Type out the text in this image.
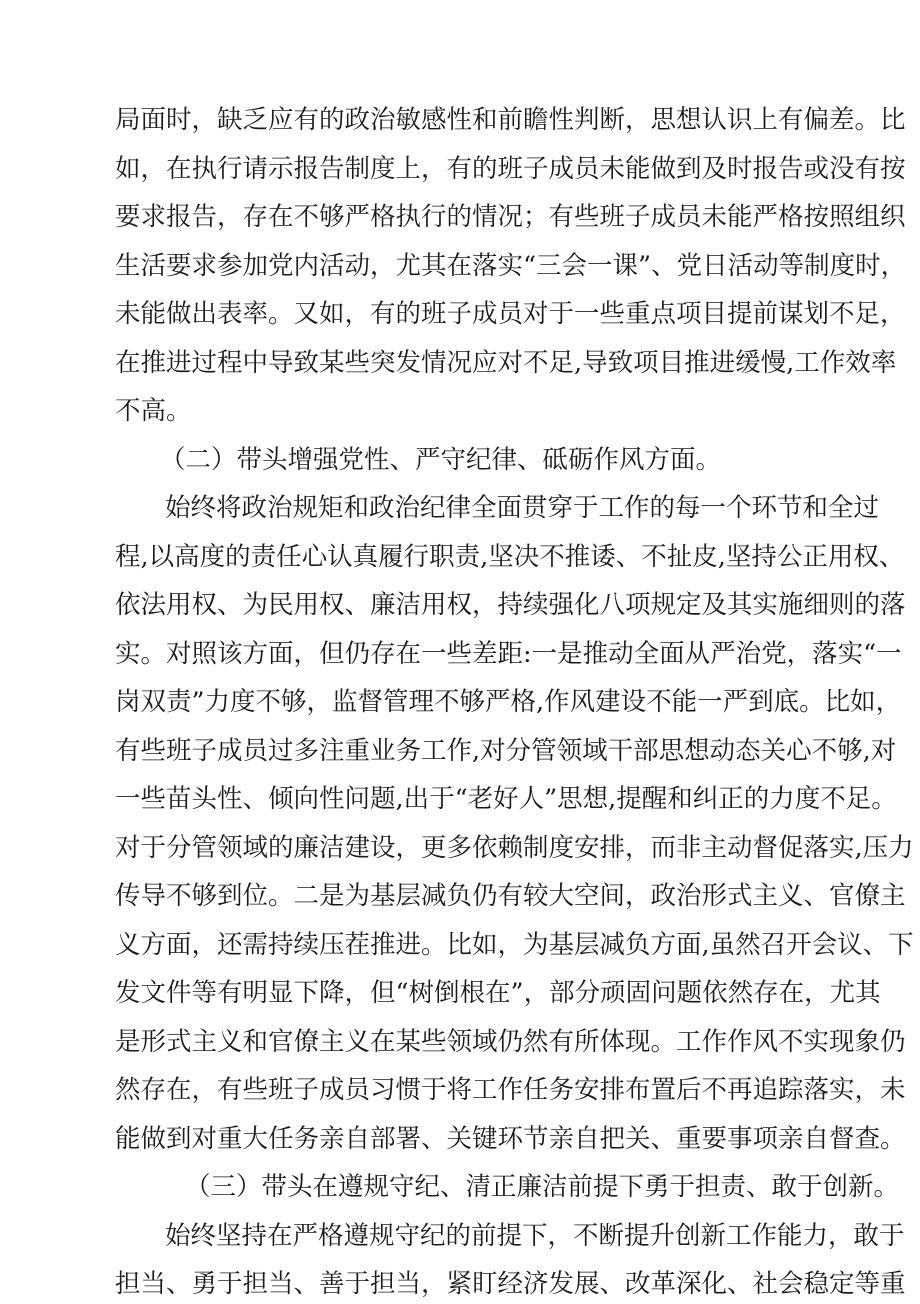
局面时，缺乏应有的政治敏感性和前瞻性判断，思想认识上有偏差。比
如，在执行请示报告制度上，有的班子成员未能做到及时报告或没有按
要求报告，存在不够严格执行的情况；有些班子成员未能严格按照组织
生活要求参加党内活动，尤其在落实“三会一课”、党日活动等制度时，
未能做出表率。又如，有的班子成员对于一些重点项目提前谋划不足，
在推进过程中导致某些突发情况应对不足,导致项目推进缓慢,工作效率
不高。
（二）带头增强党性、严守纪律、砥砺作风方面。
始终将政治规矩和政治纪律全面贯穿于工作的每一个环节和全过
程,以高度的责任心认真履行职责,坚决不推诿、不扯皮,坚持公正用权、
依法用权、为民用权、廉洁用权，持续强化八项规定及其实施细则的落
实。对照该方面，但仍存在一些差距:一是推动全面从严治党，落实“一
岗双责”力度不够，监督管理不够严格,作风建设不能一严到底。比如，
有些班子成员过多注重业务工作,对分管领域干部思想动态关心不够,对
一些苗头性、倾向性问题,出于“老好人”思想,提醒和纠正的力度不足。
对于分管领域的廉洁建设，更多依赖制度安排，而非主动督促落实,压力
传导不够到位。二是为基层减负仍有较大空间，政治形式主义、官僚主
义方面，还需持续压茬推进。比如，为基层减负方面,虽然召开会议、下
发文件等有明显下降，但“树倒根在”，部分顽固问题依然存在，尤其
是形式主义和官僚主义在某些领域仍然有所体现。工作作风不实现象仍
然存在，有些班子成员习惯于将工作任务安排布置后不再追踪落实，未
能做到对重大任务亲自部署、关键环节亲自把关、重要事项亲自督查。
（三）带头在遵规守纪、清正廉洁前提下勇于担责、敢于创新。
始终坚持在严格遵规守纪的前提下，不断提升创新工作能力，敢于
担当、勇于担当、善于担当，紧盯经济发展、改革深化、社会稳定等重
